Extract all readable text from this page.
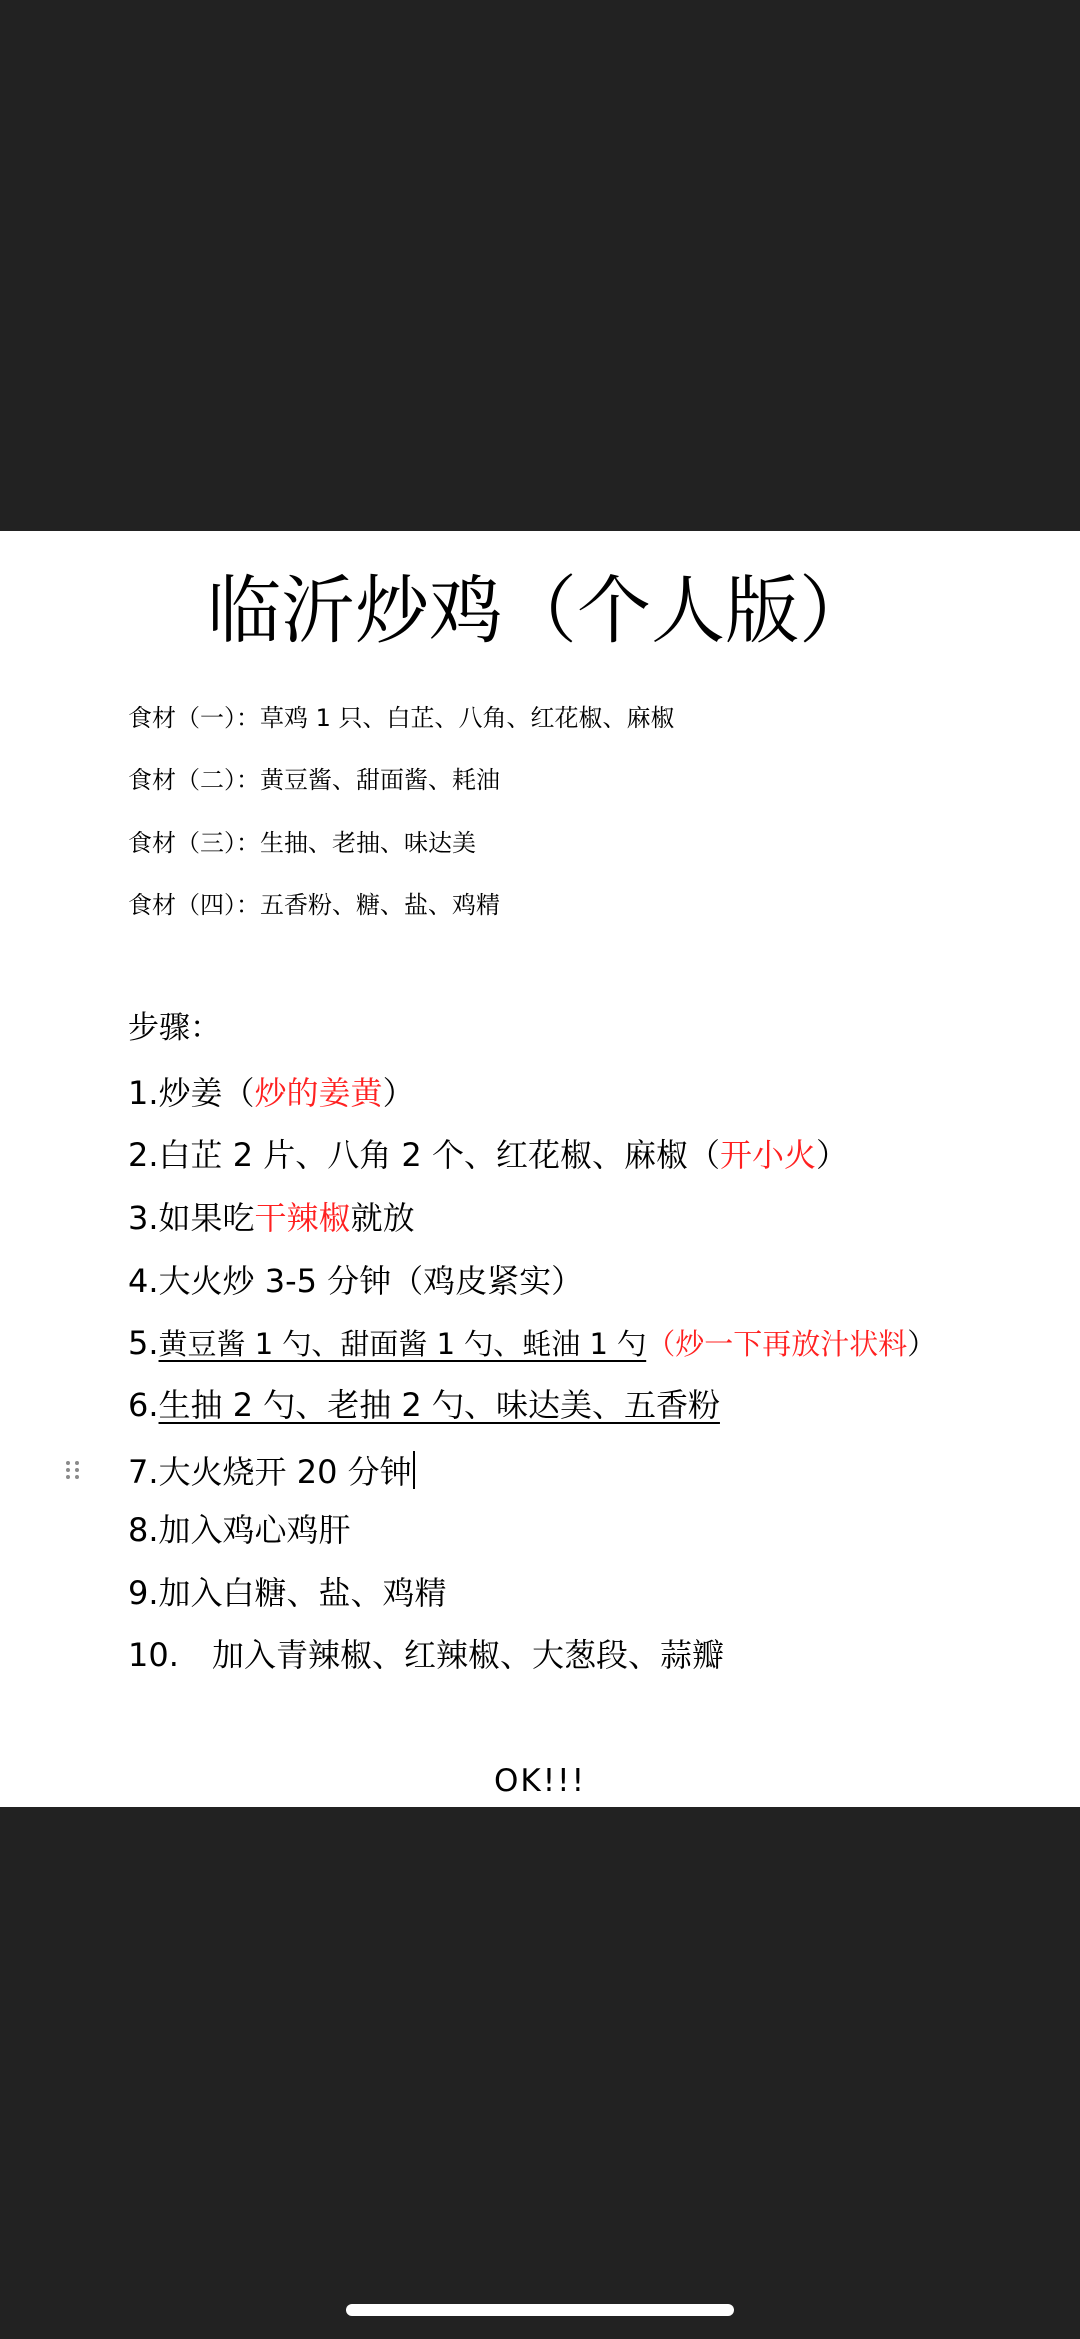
临沂炒鸡（个人版）
食材（一）：草鸡 1 只、白芷、八角、红花椒、麻椒
食材（二）：黄豆酱、甜面酱、耗油
食材（三）：生抽、老抽、味达美
食材（四）：五香粉、糖、盐、鸡精
步骤：
1.炒姜（炒的姜黄）
2.白芷 2 片、八角 2 个、红花椒、麻椒（开小火）
3.如果吃干辣椒就放
4.大火炒 3-5 分钟（鸡皮紧实）
5.黄豆酱 1 勺、甜面酱 1 勺、蚝油 1 勺（炒一下再放汁状料）
6.生抽 2 勺、老抽 2 勺、味达美、五香粉
7.大火烧开 20 分钟
8.加入鸡心鸡肝
9.加入白糖、盐、鸡精
10. 加入青辣椒、红辣椒、大葱段、蒜瓣
OK!!!
